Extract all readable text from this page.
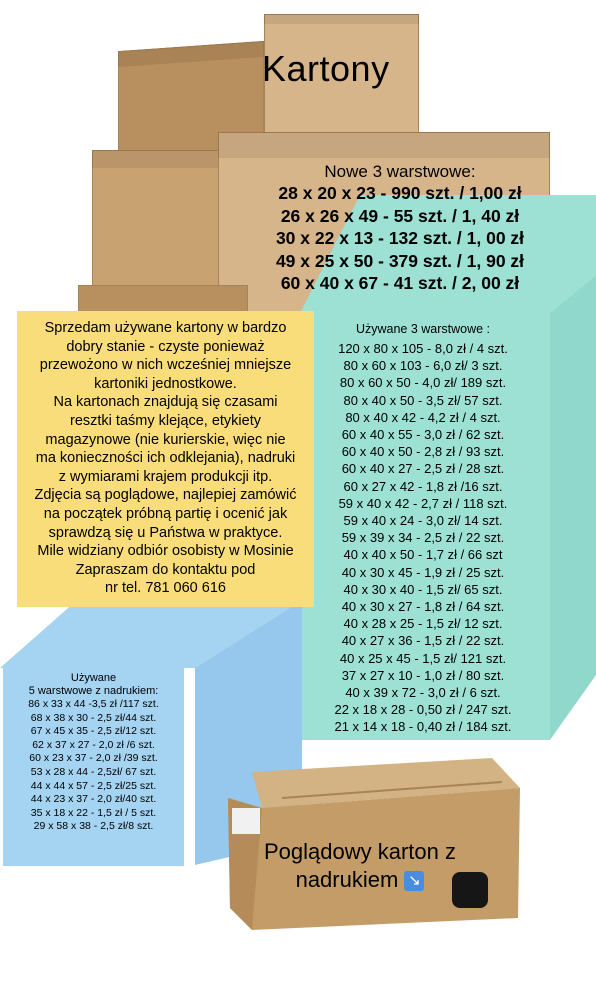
Kartony
Nowe 3 warstwowe:
28 x 20 x 23 - 990 szt. / 1,00 zł
26 x 26 x 49 - 55 szt. / 1, 40 zł
30 x 22 x 13 - 132 szt. / 1, 00 zł
49 x 25 x 50 - 379 szt. / 1, 90 zł
60 x 40 x 67 - 41 szt. / 2, 00 zł
Używane 3 warstwowe :
120 x 80 x 105 - 8,0 zł / 4 szt.
80 x 60 x 103 - 6,0 zł/ 3 szt.
80 x 60 x 50 - 4,0 zł/ 189 szt.
80 x 40 x 50 - 3,5 zł/ 57 szt.
80 x 40 x 42 - 4,2 zł / 4 szt.
60 x 40 x 55 - 3,0 zł / 62 szt.
60 x 40 x 50 - 2,8 zł / 93 szt.
60 x 40 x 27 - 2,5 zł / 28 szt.
60 x 27 x 42 - 1,8 zł /16 szt.
59 x 40 x 42 - 2,7 zł / 118 szt.
59 x 40 x 24 - 3,0 zł/ 14 szt.
59 x 39 x 34 - 2,5 zł / 22 szt.
40 x 40 x 50 - 1,7 zł / 66 szt
40 x 30 x 45 - 1,9 zł / 25 szt.
40 x 30 x 40 - 1,5 zł/ 65 szt.
40 x 30 x 27 - 1,8 zł / 64 szt.
40 x 28 x 25 - 1,5 zł/ 12 szt.
40 x 27 x 36 - 1,5 zł / 22 szt.
40 x 25 x 45 - 1,5 zł/ 121 szt.
37 x 27 x 10 - 1,0 zł / 80 szt.
40 x 39 x 72 - 3,0 zł / 6 szt.
22 x 18 x 28 - 0,50 zł / 247 szt.
21 x 14 x 18 - 0,40 zł / 184 szt.
Sprzedam używane kartony w bardzo
dobry stanie - czyste ponieważ
przewożono w nich wcześniej mniejsze
kartoniki jednostkowe.
Na kartonach znajdują się czasami
resztki taśmy klejące, etykiety
magazynowe (nie kurierskie, więc nie
ma konieczności ich odklejania), nadruki
z wymiarami krajem produkcji itp.
Zdjęcia są poglądowe, najlepiej zamówić
na początek próbną partię i ocenić jak
sprawdzą się u Państwa w praktyce.
Mile widziany odbiór osobisty w Mosinie
Zapraszam do kontaktu pod
nr tel. 781 060 616
Używane
5 warstwowe z nadrukiem:
86 x 33 x 44 -3,5 zł /117 szt.
68 x 38 x 30 - 2,5 zł/44 szt.
67 x 45 x 35 - 2,5 zł/12 szt.
62 x 37 x 27 - 2,0 zł /6 szt.
60 x 23 x 37 - 2,0 zł /39 szt.
53 x 28 x 44 - 2,5zł/ 67 szt.
44 x 44 x 57 - 2,5 zł/25 szt.
44 x 23 x 37 - 2,0 zł/40 szt.
35 x 18 x 22 - 1,5 zł / 5 szt.
29 x 58 x 38 - 2,5 zł/8 szt.
Poglądowy karton z
nadrukiem ↘
